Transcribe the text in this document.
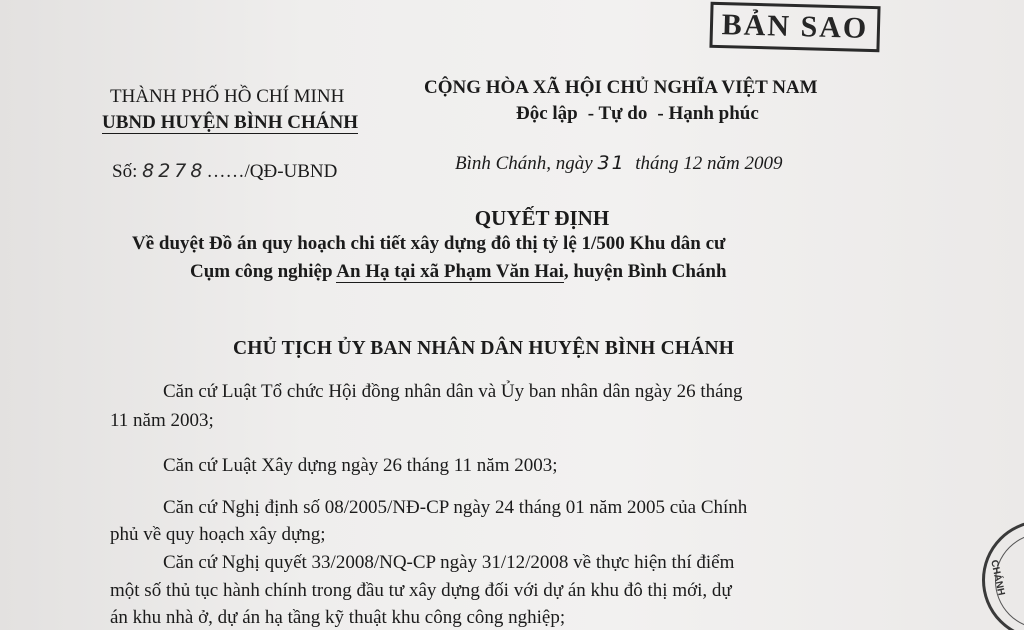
BẢN SAO
THÀNH PHỐ HỒ CHÍ MINH
UBND HUYỆN BÌNH CHÁNH
CỘNG HÒA XÃ HỘI CHỦ NGHĨA VIỆT NAM
Độc lập - Tự do - Hạnh phúc
Số: 8278……/QĐ-UBND	Bình Chánh, ngày 31 tháng 12 năm 2009
QUYẾT ĐỊNH
Về duyệt Đồ án quy hoạch chi tiết xây dựng đô thị tỷ lệ 1/500 Khu dân cư
Cụm công nghiệp An Hạ tại xã Phạm Văn Hai, huyện Bình Chánh
CHỦ TỊCH ỦY BAN NHÂN DÂN HUYỆN BÌNH CHÁNH
Căn cứ Luật Tổ chức Hội đồng nhân dân và Ủy ban nhân dân ngày 26 tháng
11 năm 2003;
Căn cứ Luật Xây dựng ngày 26 tháng 11 năm 2003;
Căn cứ Nghị định số 08/2005/NĐ-CP ngày 24 tháng 01 năm 2005 của Chính
phủ về quy hoạch xây dựng;
Căn cứ Nghị quyết 33/2008/NQ-CP ngày 31/12/2008 về thực hiện thí điểm
một số thủ tục hành chính trong đầu tư xây dựng đối với dự án khu đô thị mới, dự
án khu nhà ở, dự án hạ tầng kỹ thuật khu công công nghiệp;
CHÁNH
